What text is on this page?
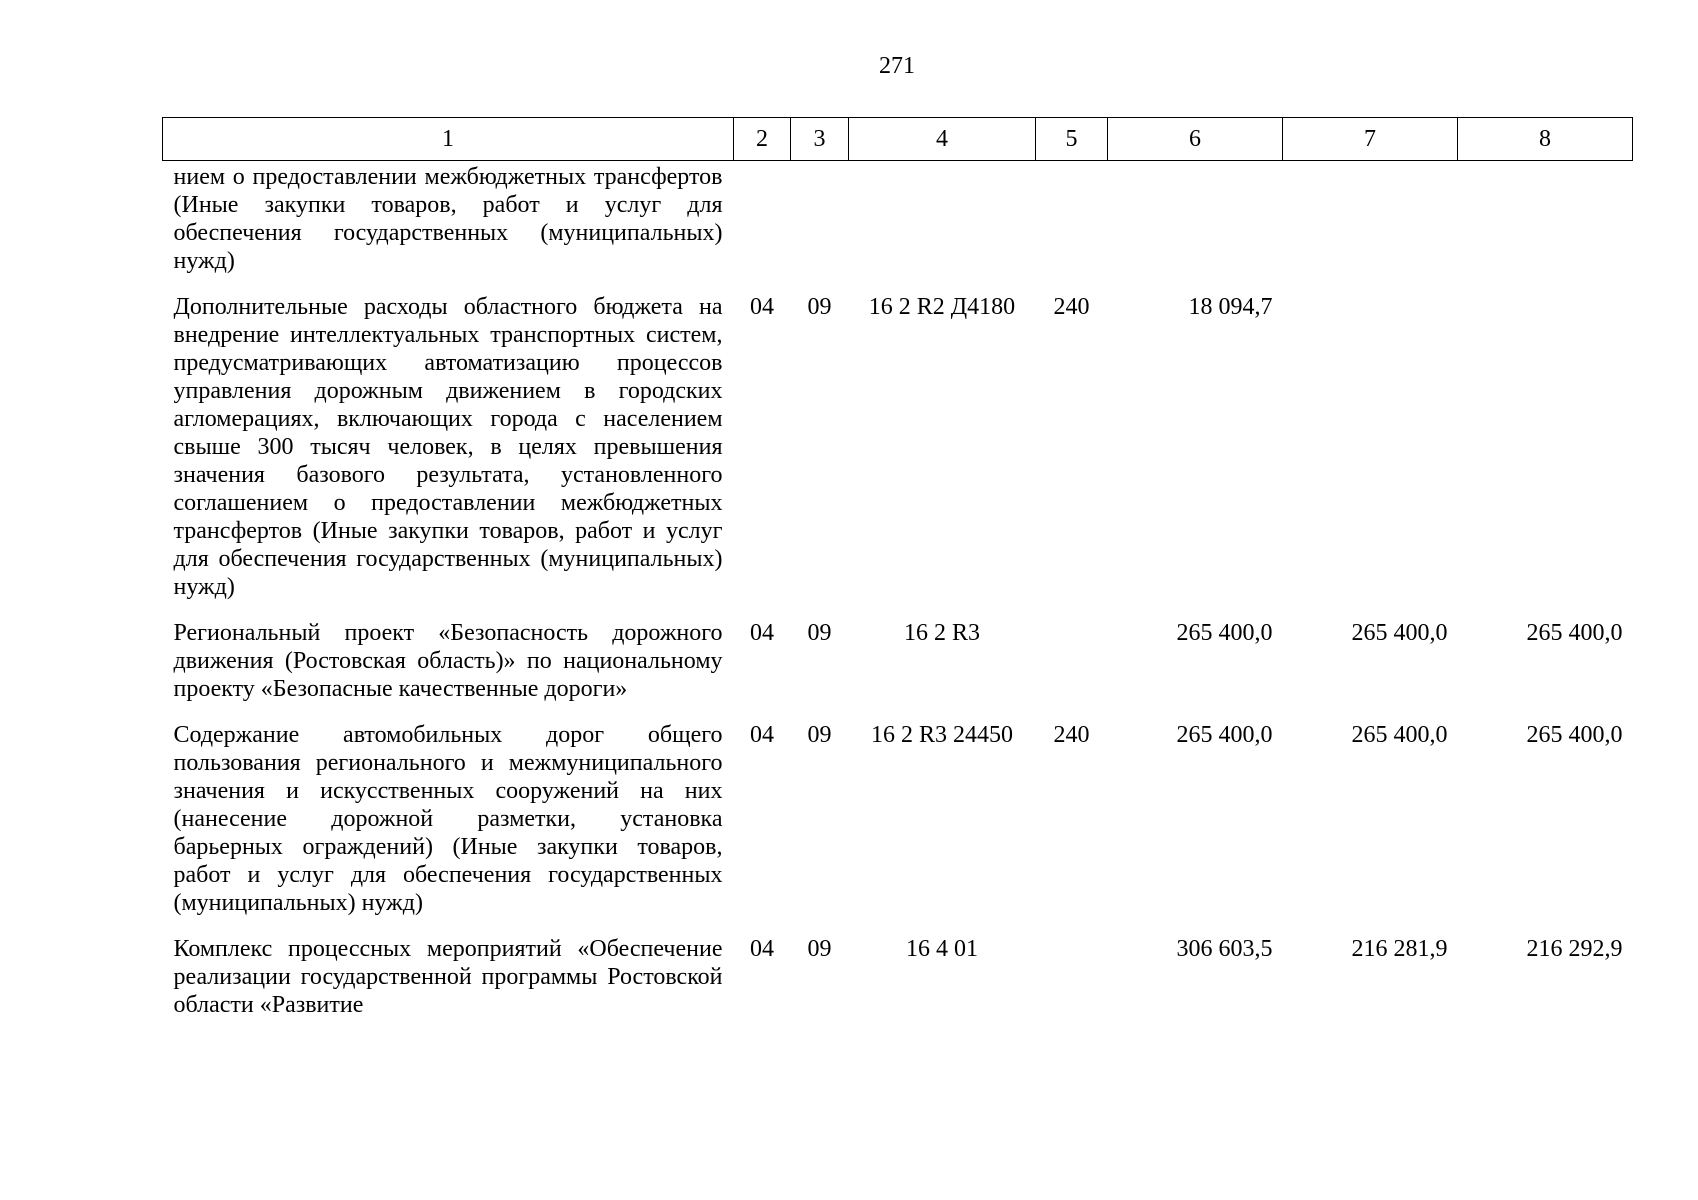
271
1	2	3	4	5	6	7	8
нием о предоставлении межбюджетных трансфертов (Иные закупки товаров, работ и услуг для обеспечения государственных (муниципальных) нужд)							
Дополнительные расходы областного бюджета на внедрение интеллектуальных транспортных систем, предусматривающих автоматизацию процессов управления дорожным движением в городских агломерациях, включающих города с населением свыше 300 тысяч человек, в целях превышения значения базового результата, установленного соглашением о предоставлении межбюджетных трансфертов (Иные закупки товаров, работ и услуг для обеспечения государственных (муниципальных) нужд)	04	09	16 2 R2 Д4180	240	18 094,7		
Региональный проект «Безопасность дорожного движения (Ростовская область)» по национальному проекту «Безопасные качественные дороги»	04	09	16 2 R3		265 400,0	265 400,0	265 400,0
Содержание автомобильных дорог общего пользования регионального и межмуниципального значения и искусственных сооружений на них (нанесение дорожной разметки, установка барьерных ограждений) (Иные закупки товаров, работ и услуг для обеспечения государственных (муниципальных) нужд)	04	09	16 2 R3 24450	240	265 400,0	265 400,0	265 400,0
Комплекс процессных мероприятий «Обеспечение реализации государственной программы Ростовской области «Развитие	04	09	16 4 01		306 603,5	216 281,9	216 292,9
